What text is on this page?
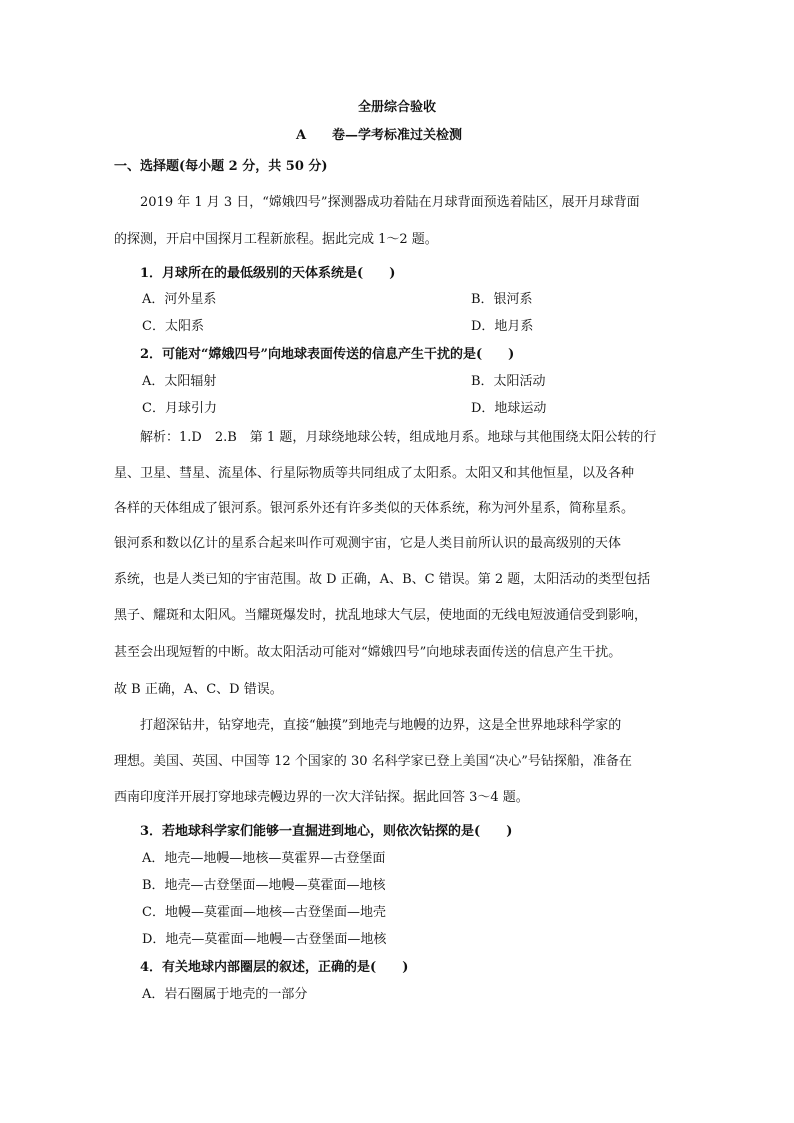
全册综合验收
A　　卷—学考标准过关检测
一、选择题(每小题 2 分，共 50 分)
2019 年 1 月 3 日，“嫦娥四号”探测器成功着陆在月球背面预选着陆区，展开月球背面
的探测，开启中国探月工程新旅程。据此完成 1～2 题。
1．月球所在的最低级别的天体系统是(　　)
A．河外星系	B．银河系
C．太阳系	D．地月系
2．可能对“嫦娥四号”向地球表面传送的信息产生干扰的是(　　)
A．太阳辐射	B．太阳活动
C．月球引力	D．地球运动
解析：1.D　2.B　第 1 题，月球绕地球公转，组成地月系。地球与其他围绕太阳公转的行
星、卫星、彗星、流星体、行星际物质等共同组成了太阳系。太阳又和其他恒星，以及各种
各样的天体组成了银河系。银河系外还有许多类似的天体系统，称为河外星系，简称星系。
银河系和数以亿计的星系合起来叫作可观测宇宙，它是人类目前所认识的最高级别的天体
系统，也是人类已知的宇宙范围。故 D 正确，A、B、C 错误。第 2 题，太阳活动的类型包括
黑子、耀斑和太阳风。当耀斑爆发时，扰乱地球大气层，使地面的无线电短波通信受到影响，
甚至会出现短暂的中断。故太阳活动可能对“嫦娥四号”向地球表面传送的信息产生干扰。
故 B 正确，A、C、D 错误。
打超深钻井，钻穿地壳，直接“触摸”到地壳与地幔的边界，这是全世界地球科学家的
理想。美国、英国、中国等 12 个国家的 30 名科学家已登上美国“决心”号钻探船，准备在
西南印度洋开展打穿地球壳幔边界的一次大洋钻探。据此回答 3～4 题。
3．若地球科学家们能够一直掘进到地心，则依次钻探的是(　　)
A．地壳—地幔—地核—莫霍界—古登堡面
B．地壳—古登堡面—地幔—莫霍面—地核
C．地幔—莫霍面—地核—古登堡面—地壳
D．地壳—莫霍面—地幔—古登堡面—地核
4．有关地球内部圈层的叙述，正确的是(　　)
A．岩石圈属于地壳的一部分
